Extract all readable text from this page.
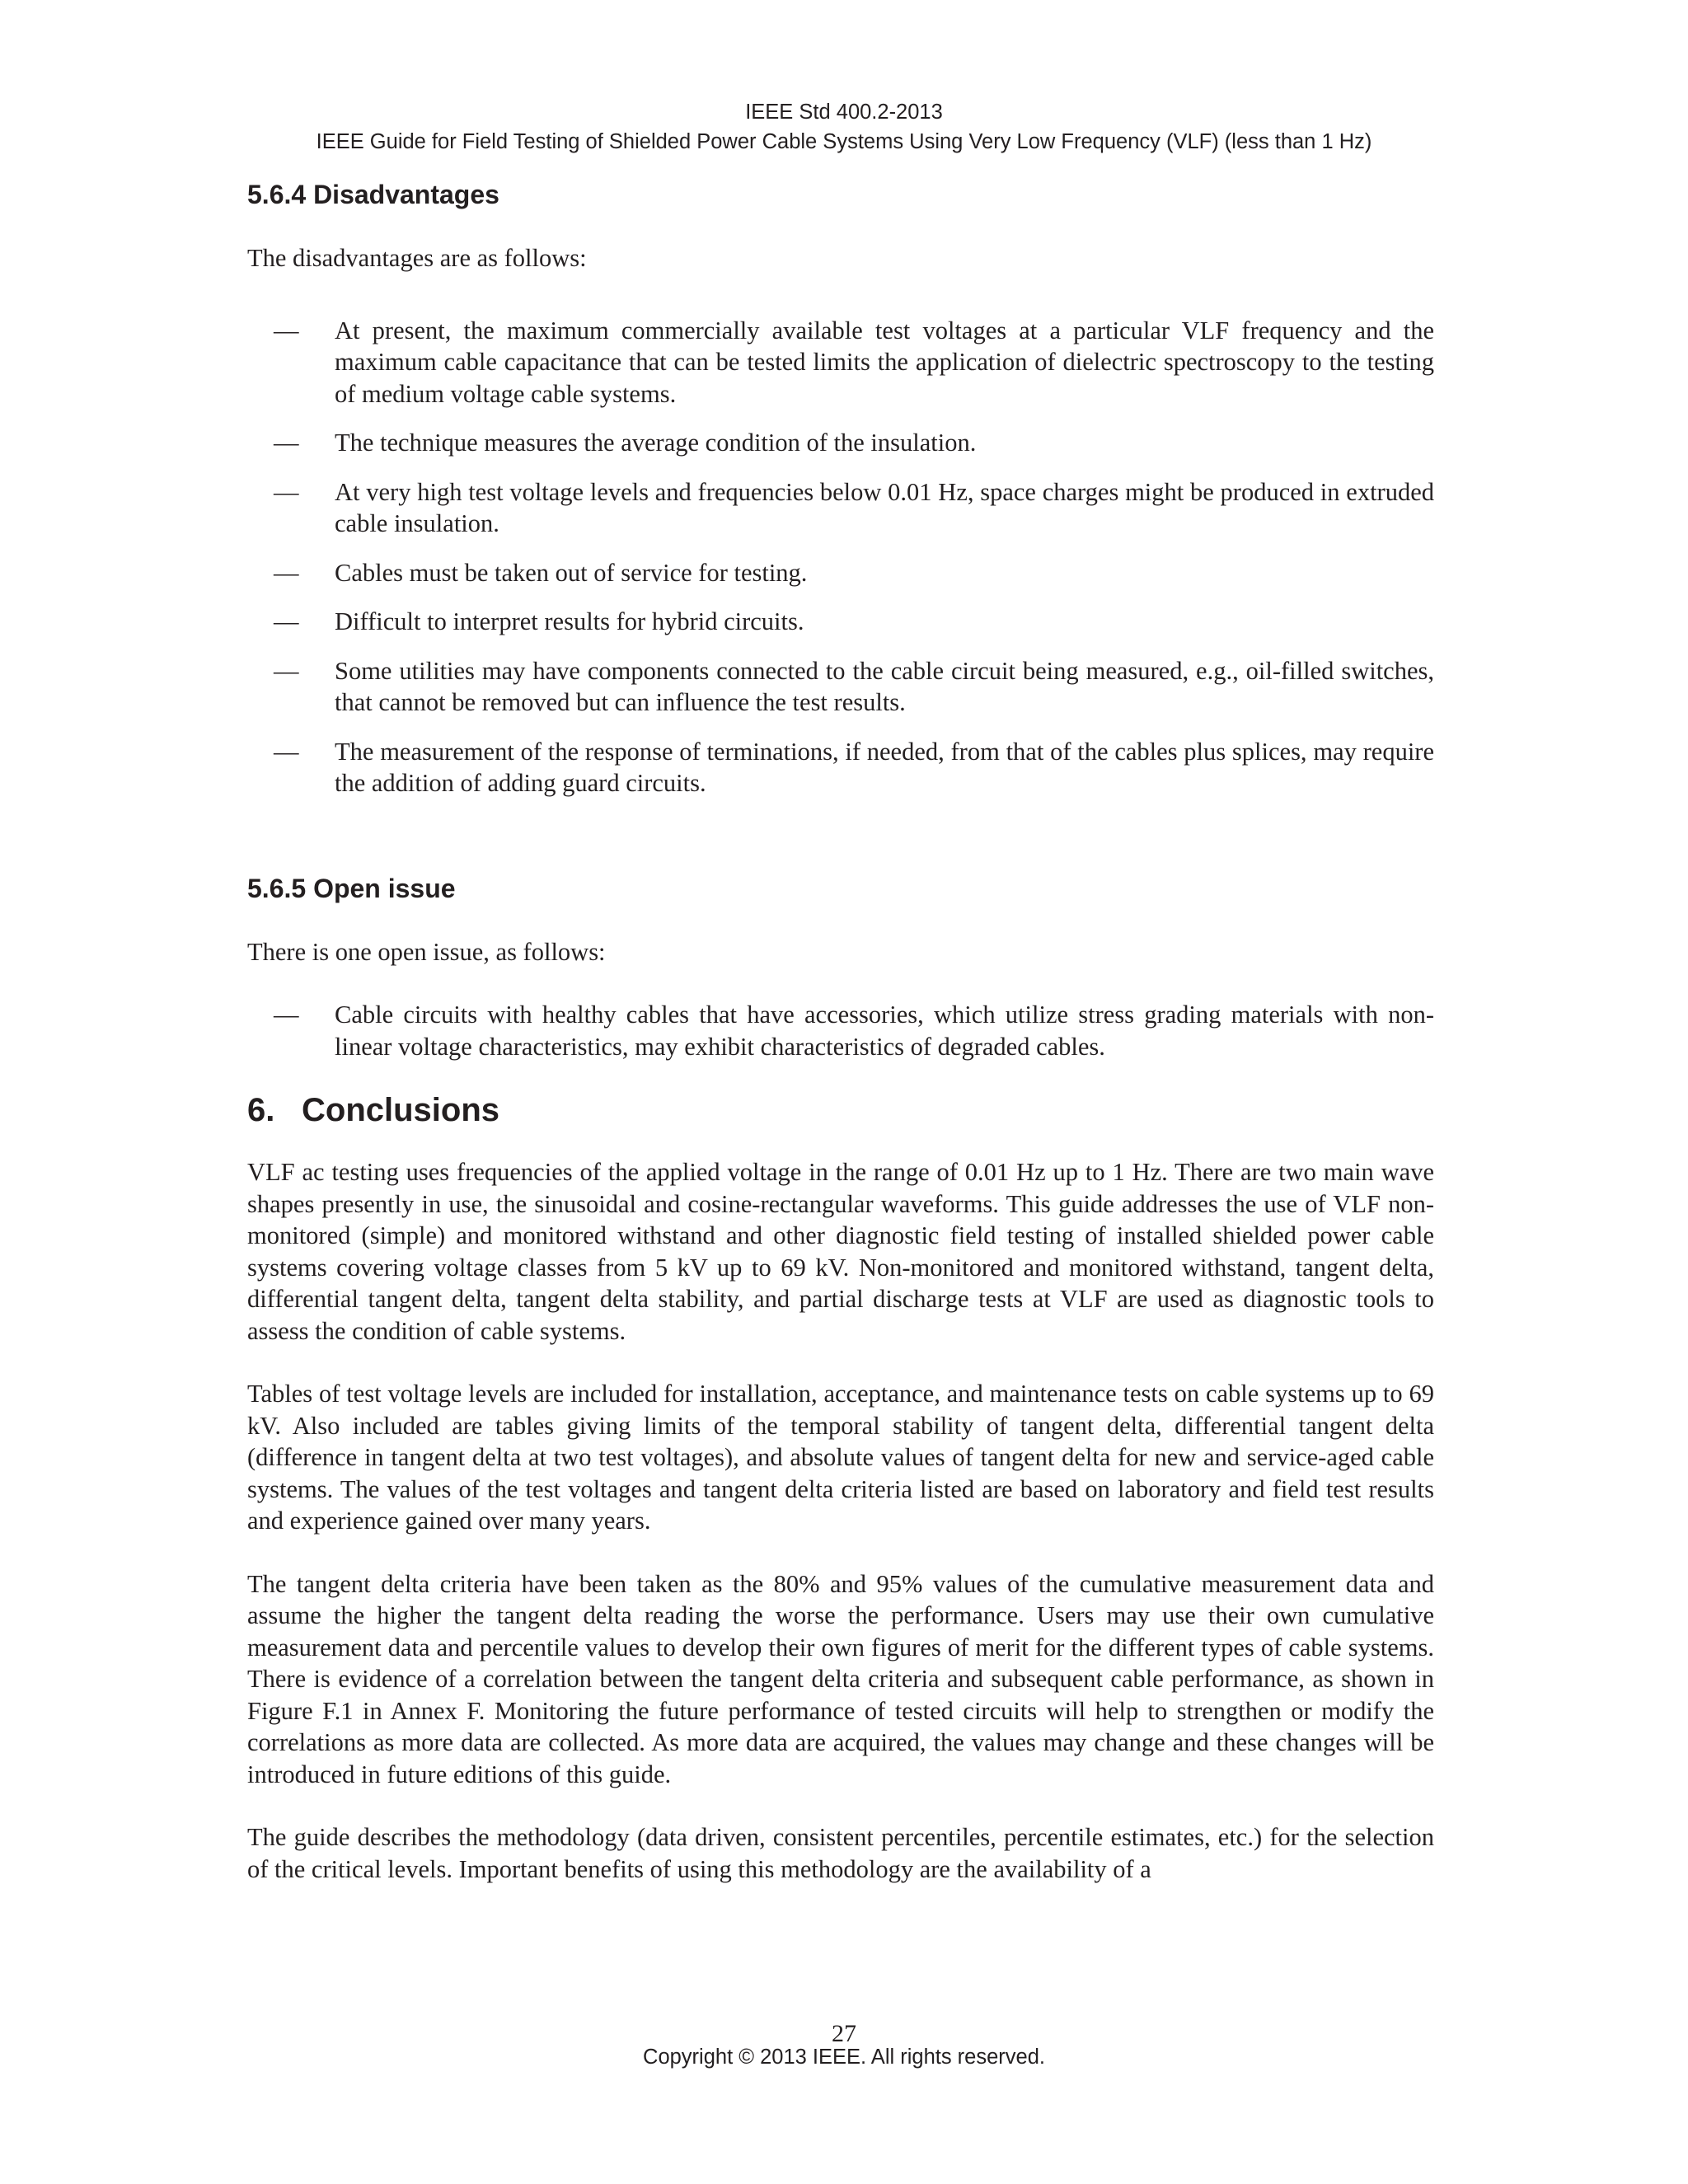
IEEE Std 400.2-2013
IEEE Guide for Field Testing of Shielded Power Cable Systems Using Very Low Frequency (VLF) (less than 1 Hz)
5.6.4 Disadvantages

The disadvantages are as follows:

— At present, the maximum commercially available test voltages at a particular VLF frequency and the maximum cable capacitance that can be tested limits the application of dielectric spectroscopy to the testing of medium voltage cable systems.
— The technique measures the average condition of the insulation.
— At very high test voltage levels and frequencies below 0.01 Hz, space charges might be produced in extruded cable insulation.
— Cables must be taken out of service for testing.
— Difficult to interpret results for hybrid circuits.
— Some utilities may have components connected to the cable circuit being measured, e.g., oil-filled switches, that cannot be removed but can influence the test results.
— The measurement of the response of terminations, if needed, from that of the cables plus splices, may require the addition of adding guard circuits.
5.6.5 Open issue

There is one open issue, as follows:

— Cable circuits with healthy cables that have accessories, which utilize stress grading materials with non-linear voltage characteristics, may exhibit characteristics of degraded cables.
6. Conclusions

VLF ac testing uses frequencies of the applied voltage in the range of 0.01 Hz up to 1 Hz. There are two main wave shapes presently in use, the sinusoidal and cosine-rectangular waveforms. This guide addresses the use of VLF non-monitored (simple) and monitored withstand and other diagnostic field testing of installed shielded power cable systems covering voltage classes from 5 kV up to 69 kV. Non-monitored and monitored withstand, tangent delta, differential tangent delta, tangent delta stability, and partial discharge tests at VLF are used as diagnostic tools to assess the condition of cable systems.

Tables of test voltage levels are included for installation, acceptance, and maintenance tests on cable systems up to 69 kV. Also included are tables giving limits of the temporal stability of tangent delta, differential tangent delta (difference in tangent delta at two test voltages), and absolute values of tangent delta for new and service-aged cable systems. The values of the test voltages and tangent delta criteria listed are based on laboratory and field test results and experience gained over many years.

The tangent delta criteria have been taken as the 80% and 95% values of the cumulative measurement data and assume the higher the tangent delta reading the worse the performance. Users may use their own cumulative measurement data and percentile values to develop their own figures of merit for the different types of cable systems. There is evidence of a correlation between the tangent delta criteria and subsequent cable performance, as shown in Figure F.1 in Annex F. Monitoring the future performance of tested circuits will help to strengthen or modify the correlations as more data are collected. As more data are acquired, the values may change and these changes will be introduced in future editions of this guide.

The guide describes the methodology (data driven, consistent percentiles, percentile estimates, etc.) for the selection of the critical levels. Important benefits of using this methodology are the availability of a

27
Copyright © 2013 IEEE. All rights reserved.
